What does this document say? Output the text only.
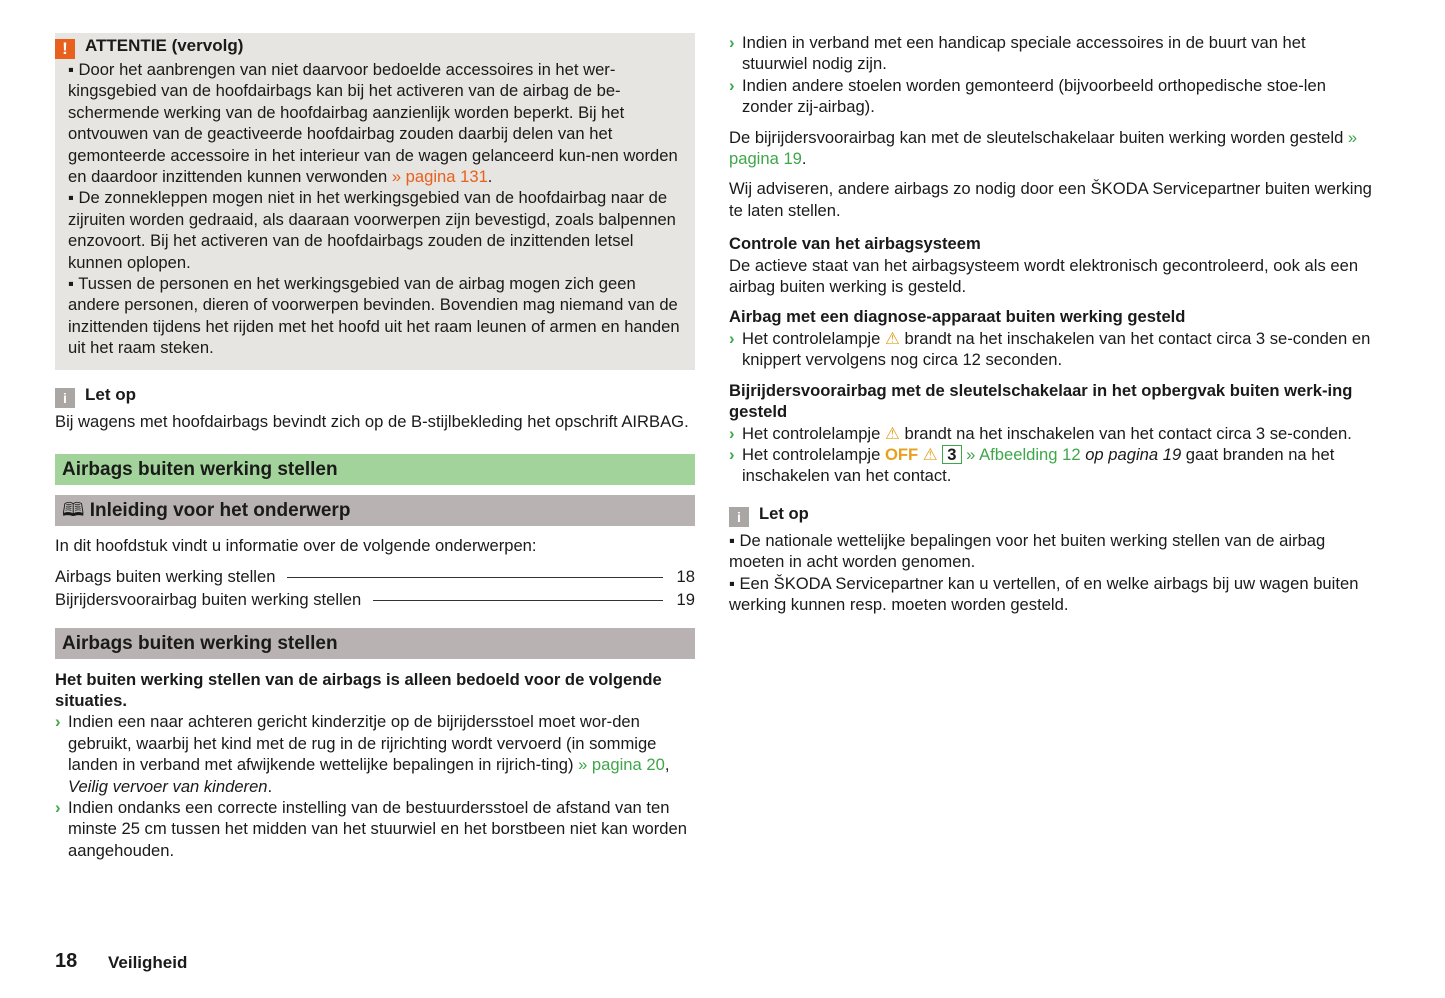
! ATTENTIE (vervolg)
▪ Door het aanbrengen van niet daarvoor bedoelde accessoires in het wer-kingsgebied van de hoofdairbags kan bij het activeren van de airbag de be-schermende werking van de hoofdairbag aanzienlijk worden beperkt. Bij het ontvouwen van de geactiveerde hoofdairbag zouden daarbij delen van het gemonteerde accessoire in het interieur van de wagen gelanceerd kun-nen worden en daardoor inzittenden kunnen verwonden » pagina 131.
▪ De zonnekleppen mogen niet in het werkingsgebied van de hoofdairbag naar de zijruiten worden gedraaid, als daaraan voorwerpen zijn bevestigd, zoals balpennen enzovoort. Bij het activeren van de hoofdairbags zouden de inzittenden letsel kunnen oplopen.
▪ Tussen de personen en het werkingsgebied van de airbag mogen zich geen andere personen, dieren of voorwerpen bevinden. Bovendien mag niemand van de inzittenden tijdens het rijden met het hoofd uit het raam leunen of armen en handen uit het raam steken.
i Let op
Bij wagens met hoofdairbags bevindt zich op de B-stijlbekleding het opschrift AIRBAG.
Airbags buiten werking stellen
🕮 Inleiding voor het onderwerp
In dit hoofdstuk vindt u informatie over de volgende onderwerpen:
Airbags buiten werking stellen	18
Bijrijdersvoorairbag buiten werking stellen	19
Airbags buiten werking stellen
Het buiten werking stellen van de airbags is alleen bedoeld voor de volgende situaties.
› Indien een naar achteren gericht kinderzitje op de bijrijdersstoel moet wor-den gebruikt, waarbij het kind met de rug in de rijrichting wordt vervoerd (in sommige landen in verband met afwijkende wettelijke bepalingen in rijrich-ting) » pagina 20, Veilig vervoer van kinderen.
› Indien ondanks een correcte instelling van de bestuurdersstoel de afstand van ten minste 25 cm tussen het midden van het stuurwiel en het borstbeen niet kan worden aangehouden.
› Indien in verband met een handicap speciale accessoires in de buurt van het stuurwiel nodig zijn.
› Indien andere stoelen worden gemonteerd (bijvoorbeeld orthopedische stoe-len zonder zij-airbag).
De bijrijdersvoorairbag kan met de sleutelschakelaar buiten werking worden gesteld » pagina 19.
Wij adviseren, andere airbags zo nodig door een ŠKODA Servicepartner buiten werking te laten stellen.
Controle van het airbagsysteem
De actieve staat van het airbagsysteem wordt elektronisch gecontroleerd, ook als een airbag buiten werking is gesteld.
Airbag met een diagnose-apparaat buiten werking gesteld
› Het controlelampje ⚠ brandt na het inschakelen van het contact circa 3 se-conden en knippert vervolgens nog circa 12 seconden.
Bijrijdersvoorairbag met de sleutelschakelaar in het opbergvak buiten werk-ing gesteld
› Het controlelampje ⚠ brandt na het inschakelen van het contact circa 3 se-conden.
› Het controlelampje OFF ⚠ 3 » Afbeelding 12 op pagina 19 gaat branden na het inschakelen van het contact.
i Let op
▪ De nationale wettelijke bepalingen voor het buiten werking stellen van de airbag moeten in acht worden genomen.
▪ Een ŠKODA Servicepartner kan u vertellen, of en welke airbags bij uw wagen buiten werking kunnen resp. moeten worden gesteld.
18 Veiligheid
